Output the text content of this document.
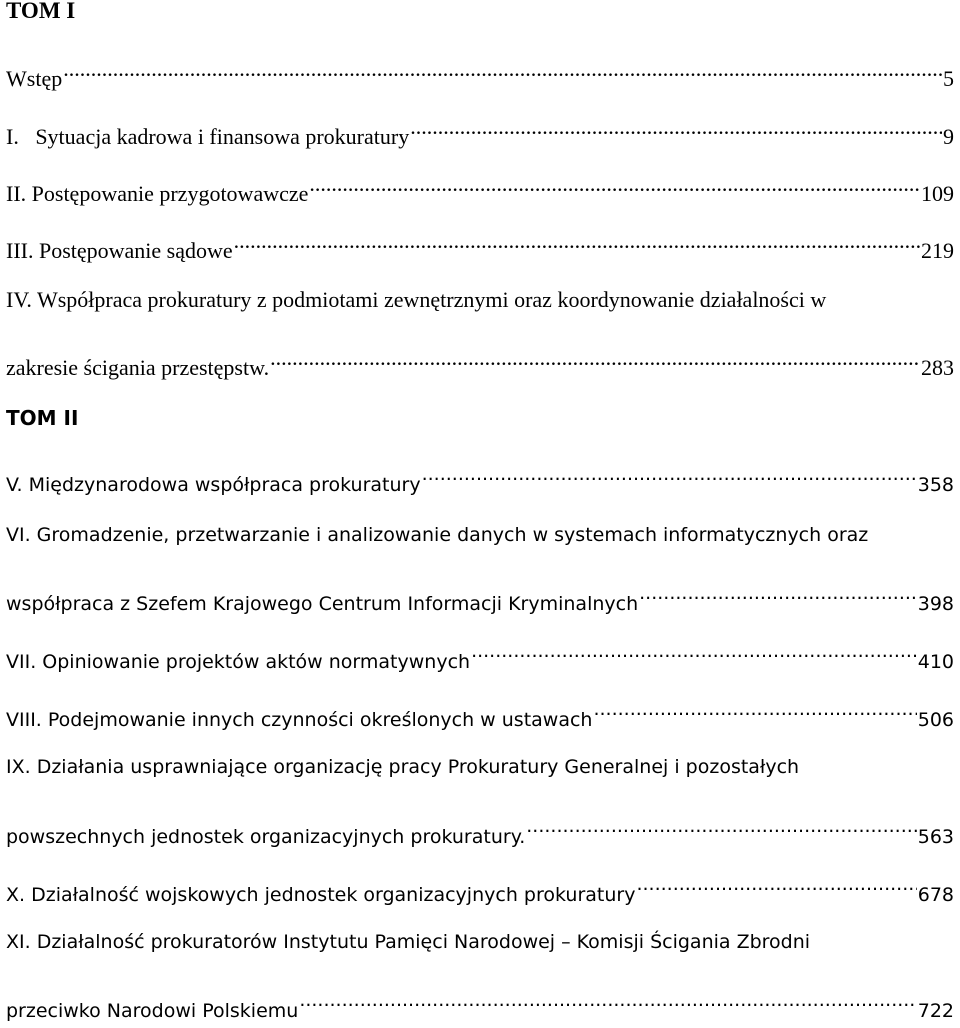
TOM I
Wstęp .....	5
I.   Sytuacja kadrowa i finansowa prokuratury .....	9
II. Postępowanie przygotowawcze .....	109
III. Postępowanie sądowe .....	219
IV. Współpraca prokuratury z podmiotami zewnętrznymi oraz koordynowanie działalności w
zakresie ścigania przestępstw. .....	283
TOM II
V. Międzynarodowa współpraca prokuratury .....	358
VI. Gromadzenie, przetwarzanie i analizowanie danych w systemach informatycznych oraz
współpraca z Szefem Krajowego Centrum Informacji Kryminalnych .....	398
VII. Opiniowanie projektów aktów normatywnych .....	410
VIII. Podejmowanie innych czynności określonych w ustawach .....	506
IX. Działania usprawniające organizację pracy Prokuratury Generalnej i pozostałych
powszechnych jednostek organizacyjnych prokuratury. .....	563
X. Działalność wojskowych jednostek organizacyjnych prokuratury .....	678
XI. Działalność prokuratorów Instytutu Pamięci Narodowej – Komisji Ścigania Zbrodni
przeciwko Narodowi Polskiemu .....	722
